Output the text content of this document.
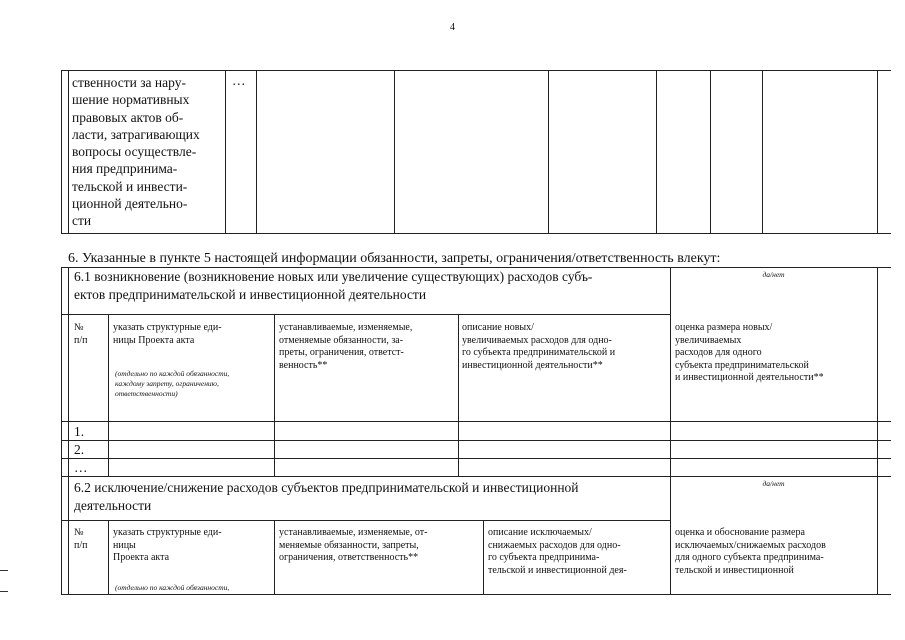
4
ственности за нару-
шение нормативных
правовых актов об-
ласти, затрагивающих
вопросы осуществле-
ния предпринима-
тельской и инвести-
ционной деятельно-
сти
…
6. Указанные в пункте 5 настоящей информации обязанности, запреты, ограничения/ответственность влекут:
6.1 возникновение (возникновение новых или увеличение существующих) расходов субъ-
ектов предпринимательской и инвестиционной деятельности
да/нет
№
п/п
указать структурные еди-
ницы Проекта акта
(отдельно по каждой обязанности,
каждому запрету, ограничению,
ответственности)
устанавливаемые, изменяемые,
отменяемые обязанности, за-
преты, ограничения, ответст-
венность**
описание новых/
увеличиваемых расходов для одно-
го субъекта предпринимательской и
инвестиционной деятельности**
оценка размера новых/
увеличиваемых
расходов для одного
субъекта предпринимательской
и инвестиционной деятельности**
1.
2.
…
6.2 исключение/снижение расходов субъектов предпринимательской и инвестиционной
деятельности
да/нет
№
п/п
указать структурные еди-
ницы
Проекта акта
(отдельно по каждой обязанности,
устанавливаемые, изменяемые, от-
меняемые обязанности, запреты,
ограничения, ответственность**
описание исключаемых/
снижаемых расходов для одно-
го субъекта предпринима-
тельской и инвестиционной дея-
оценка и обоснование размера
исключаемых/снижаемых расходов
для одного субъекта предпринима-
тельской и инвестиционной
